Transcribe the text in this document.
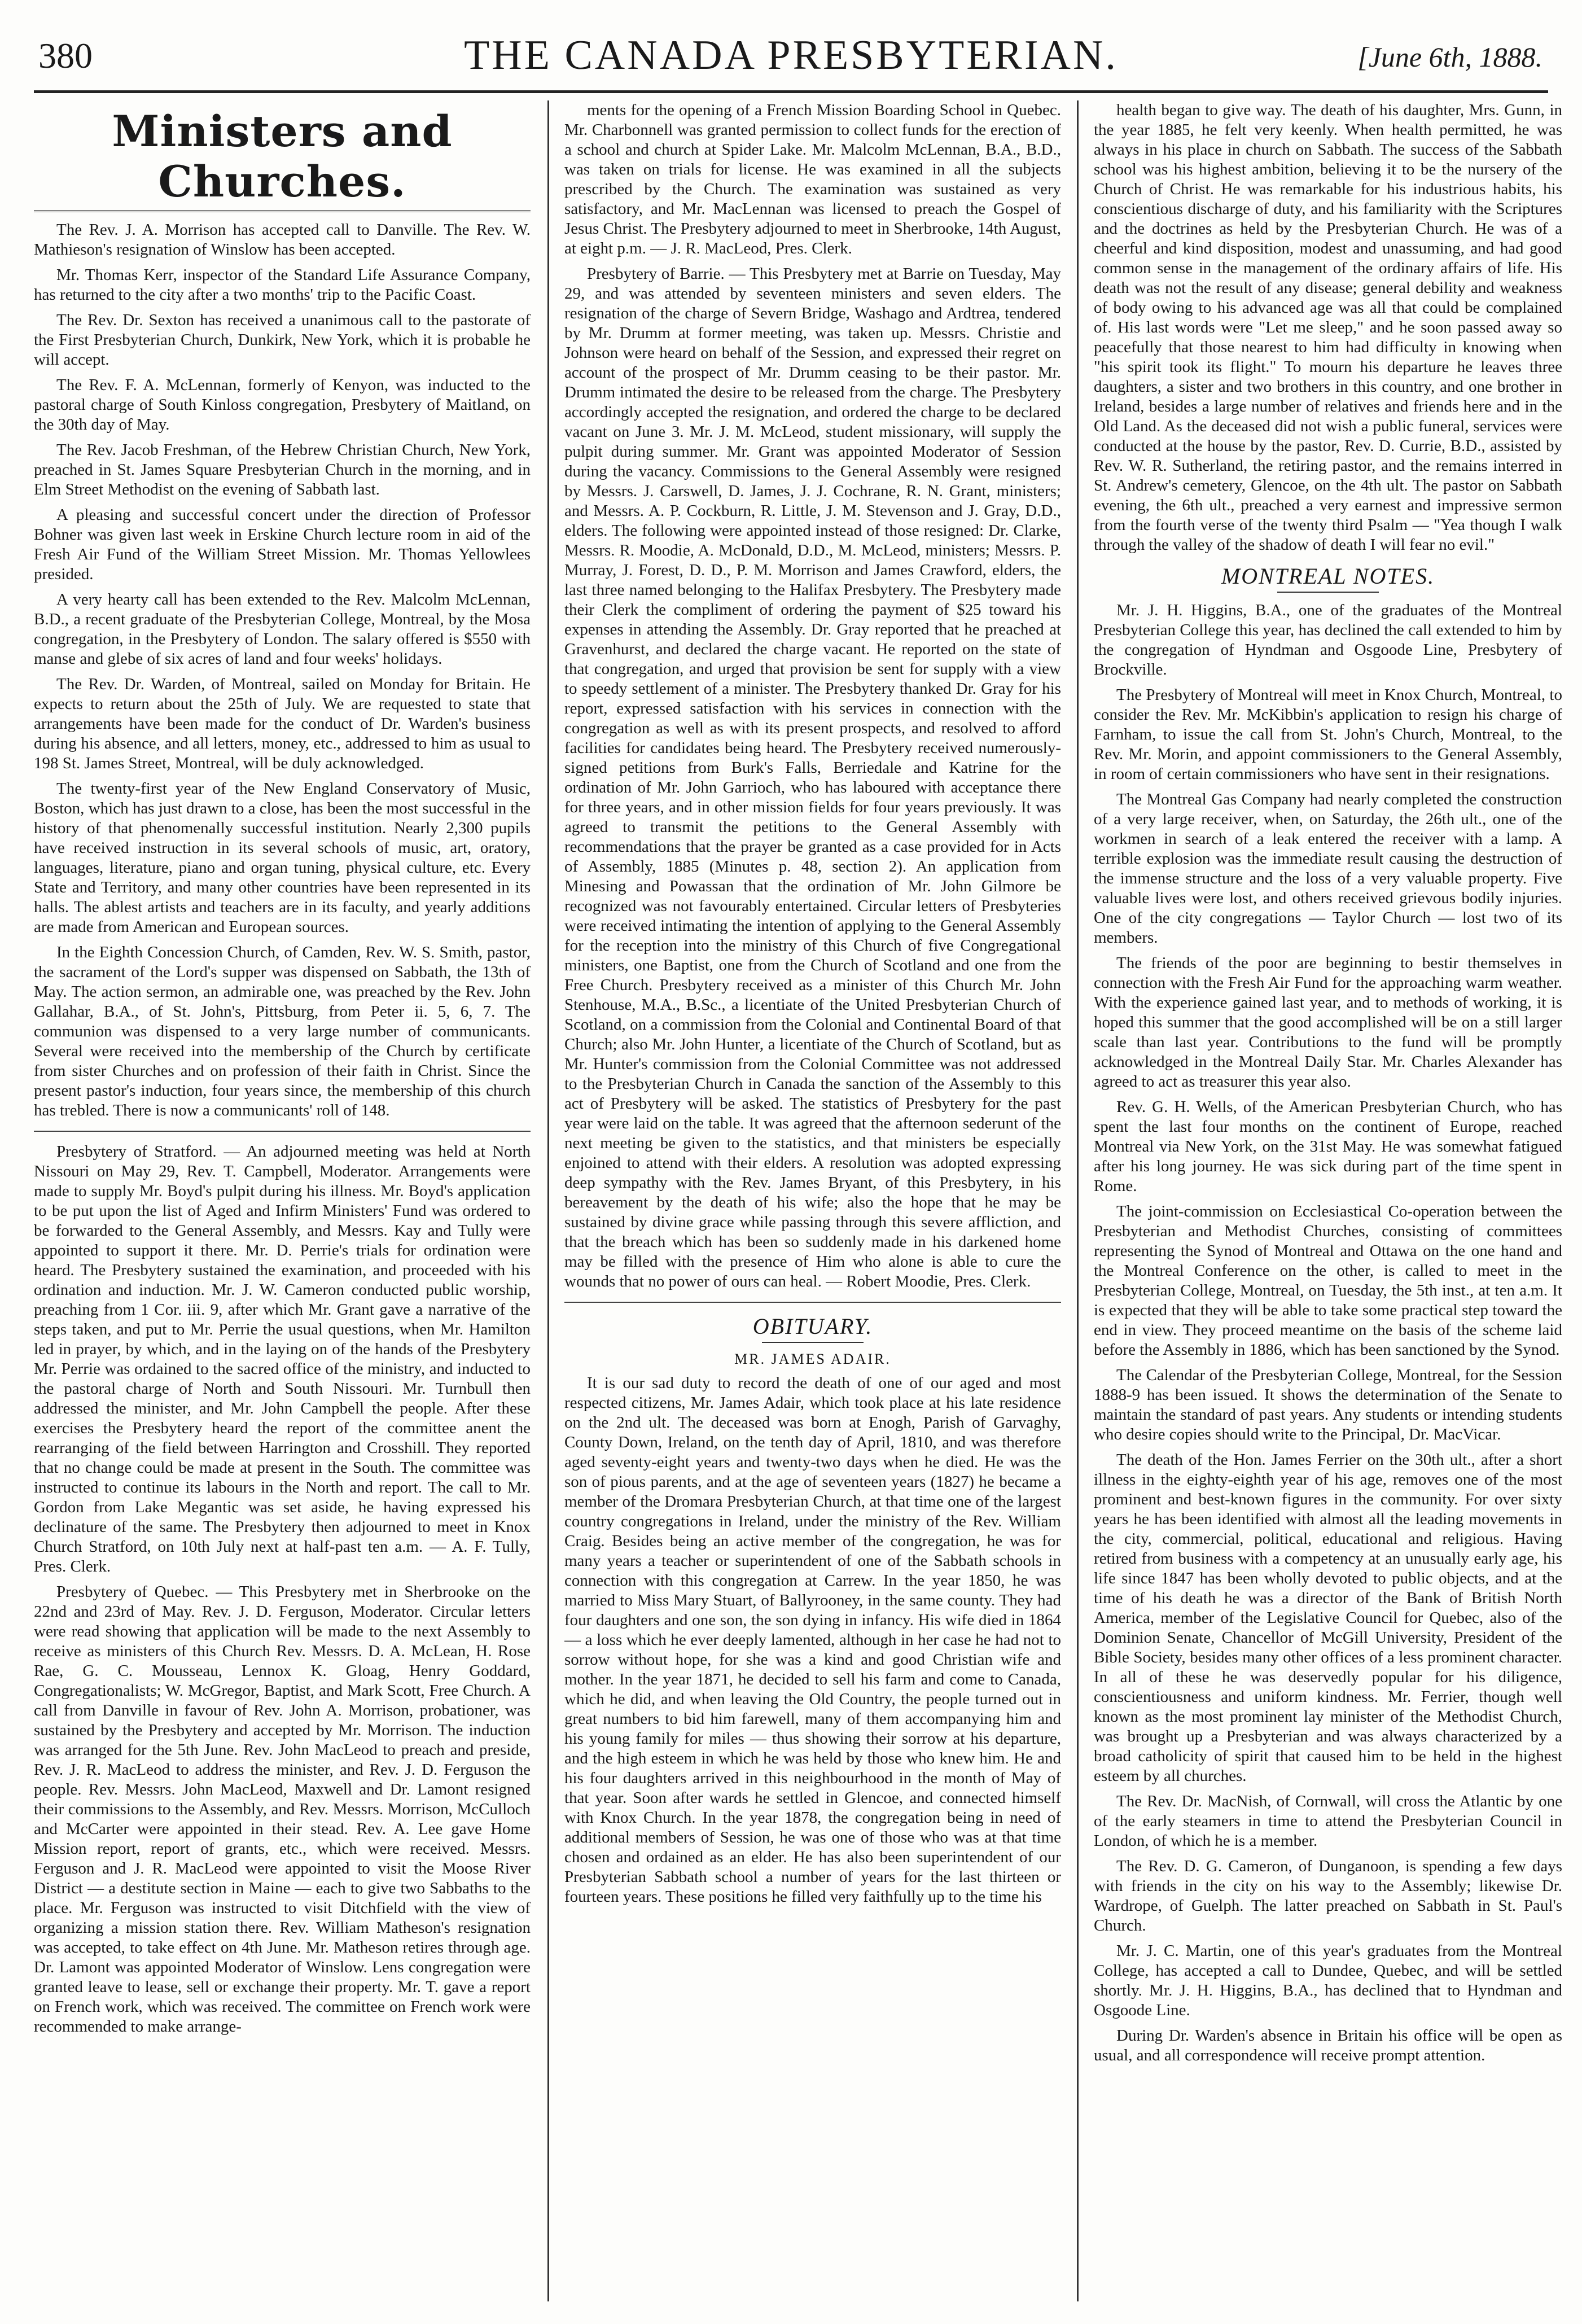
380	THE CANADA PRESBYTERIAN.	[June 6th, 1888.
Ministers and Churches.

The Rev. J. A. Morrison has accepted call to Danville. The Rev. W. Mathieson's resignation of Winslow has been accepted.

Mr. Thomas Kerr, inspector of the Standard Life Assurance Company, has returned to the city after a two months' trip to the Pacific Coast.

The Rev. Dr. Sexton has received a unanimous call to the pastorate of the First Presbyterian Church, Dunkirk, New York, which it is probable he will accept.

The Rev. F. A. McLennan, formerly of Kenyon, was inducted to the pastoral charge of South Kinloss congregation, Presbytery of Maitland, on the 30th day of May.

The Rev. Jacob Freshman, of the Hebrew Christian Church, New York, preached in St. James Square Presbyterian Church in the morning, and in Elm Street Methodist on the evening of Sabbath last.

A pleasing and successful concert under the direction of Professor Bohner was given last week in Erskine Church lecture room in aid of the Fresh Air Fund of the William Street Mission. Mr. Thomas Yellowlees presided.

A very hearty call has been extended to the Rev. Malcolm McLennan, B.D., a recent graduate of the Presbyterian College, Montreal, by the Mosa congregation, in the Presbytery of London. The salary offered is $550 with manse and glebe of six acres of land and four weeks' holidays.

The Rev. Dr. Warden, of Montreal, sailed on Monday for Britain. He expects to return about the 25th of July. We are requested to state that arrangements have been made for the conduct of Dr. Warden's business during his absence, and all letters, money, etc., addressed to him as usual to 198 St. James Street, Montreal, will be duly acknowledged.

The twenty-first year of the New England Conservatory of Music, Boston, which has just drawn to a close, has been the most successful in the history of that phenomenally successful institution. Nearly 2,300 pupils have received instruction in its several schools of music, art, oratory, languages, literature, piano and organ tuning, physical culture, etc. Every State and Territory, and many other countries have been represented in its halls. The ablest artists and teachers are in its faculty, and yearly additions are made from American and European sources.

In the Eighth Concession Church, of Camden, Rev. W. S. Smith, pastor, the sacrament of the Lord's supper was dispensed on Sabbath, the 13th of May. The action sermon, an admirable one, was preached by the Rev. John Gallahar, B.A., of St. John's, Pittsburg, from Peter ii. 5, 6, 7. The communion was dispensed to a very large number of communicants. Several were received into the membership of the Church by certificate from sister Churches and on profession of their faith in Christ. Since the present pastor's induction, four years since, the membership of this church has trebled. There is now a communicants' roll of 148.

Presbytery of Stratford. — An adjourned meeting was held at North Nissouri on May 29, Rev. T. Campbell, Moderator. Arrangements were made to supply Mr. Boyd's pulpit during his illness. Mr. Boyd's application to be put upon the list of Aged and Infirm Ministers' Fund was ordered to be forwarded to the General Assembly, and Messrs. Kay and Tully were appointed to support it there. Mr. D. Perrie's trials for ordination were heard. The Presbytery sustained the examination, and proceeded with his ordination and induction. Mr. J. W. Cameron conducted public worship, preaching from 1 Cor. iii. 9, after which Mr. Grant gave a narrative of the steps taken, and put to Mr. Perrie the usual questions, when Mr. Hamilton led in prayer, by which, and in the laying on of the hands of the Presbytery Mr. Perrie was ordained to the sacred office of the ministry, and inducted to the pastoral charge of North and South Nissouri. Mr. Turnbull then addressed the minister, and Mr. John Campbell the people. After these exercises the Presbytery heard the report of the committee anent the rearranging of the field between Harrington and Crosshill. They reported that no change could be made at present in the South. The committee was instructed to continue its labours in the North and report. The call to Mr. Gordon from Lake Megantic was set aside, he having expressed his declinature of the same. The Presbytery then adjourned to meet in Knox Church Stratford, on 10th July next at half-past ten a.m. — A. F. Tully, Pres. Clerk.

Presbytery of Quebec. — This Presbytery met in Sherbrooke on the 22nd and 23rd of May. Rev. J. D. Ferguson, Moderator. Circular letters were read showing that application will be made to the next Assembly to receive as ministers of this Church Rev. Messrs. D. A. McLean, H. Rose Rae, G. C. Mousseau, Lennox K. Gloag, Henry Goddard, Congregationalists; W. McGregor, Baptist, and Mark Scott, Free Church. A call from Danville in favour of Rev. John A. Morrison, probationer, was sustained by the Presbytery and accepted by Mr. Morrison. The induction was arranged for the 5th June. Rev. John MacLeod to preach and preside, Rev. J. R. MacLeod to address the minister, and Rev. J. D. Ferguson the people. Rev. Messrs. John MacLeod, Maxwell and Dr. Lamont resigned their commissions to the Assembly, and Rev. Messrs. Morrison, McCulloch and McCarter were appointed in their stead. Rev. A. Lee gave Home Mission report, report of grants, etc., which were received. Messrs. Ferguson and J. R. MacLeod were appointed to visit the Moose River District — a destitute section in Maine — each to give two Sabbaths to the place. Mr. Ferguson was instructed to visit Ditchfield with the view of organizing a mission station there. Rev. William Matheson's resignation was accepted, to take effect on 4th June. Mr. Matheson retires through age. Dr. Lamont was appointed Moderator of Winslow. Lens congregation were granted leave to lease, sell or exchange their property. Mr. T. gave a report on French work, which was received. The committee on French work were recommended to make arrange-

ments for the opening of a French Mission Boarding School in Quebec. Mr. Charbonnell was granted permission to collect funds for the erection of a school and church at Spider Lake. Mr. Malcolm McLennan, B.A., B.D., was taken on trials for license. He was examined in all the subjects prescribed by the Church. The examination was sustained as very satisfactory, and Mr. MacLennan was licensed to preach the Gospel of Jesus Christ. The Presbytery adjourned to meet in Sherbrooke, 14th August, at eight p.m. — J. R. MacLeod, Pres. Clerk.

Presbytery of Barrie. — This Presbytery met at Barrie on Tuesday, May 29, and was attended by seventeen ministers and seven elders. The resignation of the charge of Severn Bridge, Washago and Ardtrea, tendered by Mr. Drumm at former meeting, was taken up. Messrs. Christie and Johnson were heard on behalf of the Session, and expressed their regret on account of the prospect of Mr. Drumm ceasing to be their pastor. Mr. Drumm intimated the desire to be released from the charge. The Presbytery accordingly accepted the resignation, and ordered the charge to be declared vacant on June 3. Mr. J. M. McLeod, student missionary, will supply the pulpit during summer. Mr. Grant was appointed Moderator of Session during the vacancy. Commissions to the General Assembly were resigned by Messrs. J. Carswell, D. James, J. J. Cochrane, R. N. Grant, ministers; and Messrs. A. P. Cockburn, R. Little, J. M. Stevenson and J. Gray, D.D., elders. The following were appointed instead of those resigned: Dr. Clarke, Messrs. R. Moodie, A. McDonald, D.D., M. McLeod, ministers; Messrs. P. Murray, J. Forest, D. D., P. M. Morrison and James Crawford, elders, the last three named belonging to the Halifax Presbytery. The Presbytery made their Clerk the compliment of ordering the payment of $25 toward his expenses in attending the Assembly. Dr. Gray reported that he preached at Gravenhurst, and declared the charge vacant. He reported on the state of that congregation, and urged that provision be sent for supply with a view to speedy settlement of a minister. The Presbytery thanked Dr. Gray for his report, expressed satisfaction with his services in connection with the congregation as well as with its present prospects, and resolved to afford facilities for candidates being heard. The Presbytery received numerously-signed petitions from Burk's Falls, Berriedale and Katrine for the ordination of Mr. John Garrioch, who has laboured with acceptance there for three years, and in other mission fields for four years previously. It was agreed to transmit the petitions to the General Assembly with recommendations that the prayer be granted as a case provided for in Acts of Assembly, 1885 (Minutes p. 48, section 2). An application from Minesing and Powassan that the ordination of Mr. John Gilmore be recognized was not favourably entertained. Circular letters of Presbyteries were received intimating the intention of applying to the General Assembly for the reception into the ministry of this Church of five Congregational ministers, one Baptist, one from the Church of Scotland and one from the Free Church. Presbytery received as a minister of this Church Mr. John Stenhouse, M.A., B.Sc., a licentiate of the United Presbyterian Church of Scotland, on a commission from the Colonial and Continental Board of that Church; also Mr. John Hunter, a licentiate of the Church of Scotland, but as Mr. Hunter's commission from the Colonial Committee was not addressed to the Presbyterian Church in Canada the sanction of the Assembly to this act of Presbytery will be asked. The statistics of Presbytery for the past year were laid on the table. It was agreed that the afternoon sederunt of the next meeting be given to the statistics, and that ministers be especially enjoined to attend with their elders. A resolution was adopted expressing deep sympathy with the Rev. James Bryant, of this Presbytery, in his bereavement by the death of his wife; also the hope that he may be sustained by divine grace while passing through this severe affliction, and that the breach which has been so suddenly made in his darkened home may be filled with the presence of Him who alone is able to cure the wounds that no power of ours can heal. — Robert Moodie, Pres. Clerk.

OBITUARY.
MR. JAMES ADAIR.

It is our sad duty to record the death of one of our aged and most respected citizens, Mr. James Adair, which took place at his late residence on the 2nd ult. The deceased was born at Enogh, Parish of Garvaghy, County Down, Ireland, on the tenth day of April, 1810, and was therefore aged seventy-eight years and twenty-two days when he died. He was the son of pious parents, and at the age of seventeen years (1827) he became a member of the Dromara Presbyterian Church, at that time one of the largest country congregations in Ireland, under the ministry of the Rev. William Craig. Besides being an active member of the congregation, he was for many years a teacher or superintendent of one of the Sabbath schools in connection with this congregation at Carrew. In the year 1850, he was married to Miss Mary Stuart, of Ballyrooney, in the same county. They had four daughters and one son, the son dying in infancy. His wife died in 1864 — a loss which he ever deeply lamented, although in her case he had not to sorrow without hope, for she was a kind and good Christian wife and mother. In the year 1871, he decided to sell his farm and come to Canada, which he did, and when leaving the Old Country, the people turned out in great numbers to bid him farewell, many of them accompanying him and his young family for miles — thus showing their sorrow at his departure, and the high esteem in which he was held by those who knew him. He and his four daughters arrived in this neighbourhood in the month of May of that year. Soon after wards he settled in Glencoe, and connected himself with Knox Church. In the year 1878, the congregation being in need of additional members of Session, he was one of those who was at that time chosen and ordained as an elder. He has also been superintendent of our Presbyterian Sabbath school a number of years for the last thirteen or fourteen years. These positions he filled very faithfully up to the time his

health began to give way. The death of his daughter, Mrs. Gunn, in the year 1885, he felt very keenly. When health permitted, he was always in his place in church on Sabbath. The success of the Sabbath school was his highest ambition, believing it to be the nursery of the Church of Christ. He was remarkable for his industrious habits, his conscientious discharge of duty, and his familiarity with the Scriptures and the doctrines as held by the Presbyterian Church. He was of a cheerful and kind disposition, modest and unassuming, and had good common sense in the management of the ordinary affairs of life. His death was not the result of any disease; general debility and weakness of body owing to his advanced age was all that could be complained of. His last words were "Let me sleep," and he soon passed away so peacefully that those nearest to him had difficulty in knowing when "his spirit took its flight." To mourn his departure he leaves three daughters, a sister and two brothers in this country, and one brother in Ireland, besides a large number of relatives and friends here and in the Old Land. As the deceased did not wish a public funeral, services were conducted at the house by the pastor, Rev. D. Currie, B.D., assisted by Rev. W. R. Sutherland, the retiring pastor, and the remains interred in St. Andrew's cemetery, Glencoe, on the 4th ult. The pastor on Sabbath evening, the 6th ult., preached a very earnest and impressive sermon from the fourth verse of the twenty third Psalm — "Yea though I walk through the valley of the shadow of death I will fear no evil."

MONTREAL NOTES.

Mr. J. H. Higgins, B.A., one of the graduates of the Montreal Presbyterian College this year, has declined the call extended to him by the congregation of Hyndman and Osgoode Line, Presbytery of Brockville.

The Presbytery of Montreal will meet in Knox Church, Montreal, to consider the Rev. Mr. McKibbin's application to resign his charge of Farnham, to issue the call from St. John's Church, Montreal, to the Rev. Mr. Morin, and appoint commissioners to the General Assembly, in room of certain commissioners who have sent in their resignations.

The Montreal Gas Company had nearly completed the construction of a very large receiver, when, on Saturday, the 26th ult., one of the workmen in search of a leak entered the receiver with a lamp. A terrible explosion was the immediate result causing the destruction of the immense structure and the loss of a very valuable property. Five valuable lives were lost, and others received grievous bodily injuries. One of the city congregations — Taylor Church — lost two of its members.

The friends of the poor are beginning to bestir themselves in connection with the Fresh Air Fund for the approaching warm weather. With the experience gained last year, and to methods of working, it is hoped this summer that the good accomplished will be on a still larger scale than last year. Contributions to the fund will be promptly acknowledged in the Montreal Daily Star. Mr. Charles Alexander has agreed to act as treasurer this year also.

Rev. G. H. Wells, of the American Presbyterian Church, who has spent the last four months on the continent of Europe, reached Montreal via New York, on the 31st May. He was somewhat fatigued after his long journey. He was sick during part of the time spent in Rome.

The joint-commission on Ecclesiastical Co-operation between the Presbyterian and Methodist Churches, consisting of committees representing the Synod of Montreal and Ottawa on the one hand and the Montreal Conference on the other, is called to meet in the Presbyterian College, Montreal, on Tuesday, the 5th inst., at ten a.m. It is expected that they will be able to take some practical step toward the end in view. They proceed meantime on the basis of the scheme laid before the Assembly in 1886, which has been sanctioned by the Synod.

The Calendar of the Presbyterian College, Montreal, for the Session 1888-9 has been issued. It shows the determination of the Senate to maintain the standard of past years. Any students or intending students who desire copies should write to the Principal, Dr. MacVicar.

The death of the Hon. James Ferrier on the 30th ult., after a short illness in the eighty-eighth year of his age, removes one of the most prominent and best-known figures in the community. For over sixty years he has been identified with almost all the leading movements in the city, commercial, political, educational and religious. Having retired from business with a competency at an unusually early age, his life since 1847 has been wholly devoted to public objects, and at the time of his death he was a director of the Bank of British North America, member of the Legislative Council for Quebec, also of the Dominion Senate, Chancellor of McGill University, President of the Bible Society, besides many other offices of a less prominent character. In all of these he was deservedly popular for his diligence, conscientiousness and uniform kindness. Mr. Ferrier, though well known as the most prominent lay minister of the Methodist Church, was brought up a Presbyterian and was always characterized by a broad catholicity of spirit that caused him to be held in the highest esteem by all churches.

The Rev. Dr. MacNish, of Cornwall, will cross the Atlantic by one of the early steamers in time to attend the Presbyterian Council in London, of which he is a member.

The Rev. D. G. Cameron, of Dunganoon, is spending a few days with friends in the city on his way to the Assembly; likewise Dr. Wardrope, of Guelph. The latter preached on Sabbath in St. Paul's Church.

Mr. J. C. Martin, one of this year's graduates from the Montreal College, has accepted a call to Dundee, Quebec, and will be settled shortly. Mr. J. H. Higgins, B.A., has declined that to Hyndman and Osgoode Line.

During Dr. Warden's absence in Britain his office will be open as usual, and all correspondence will receive prompt attention.
